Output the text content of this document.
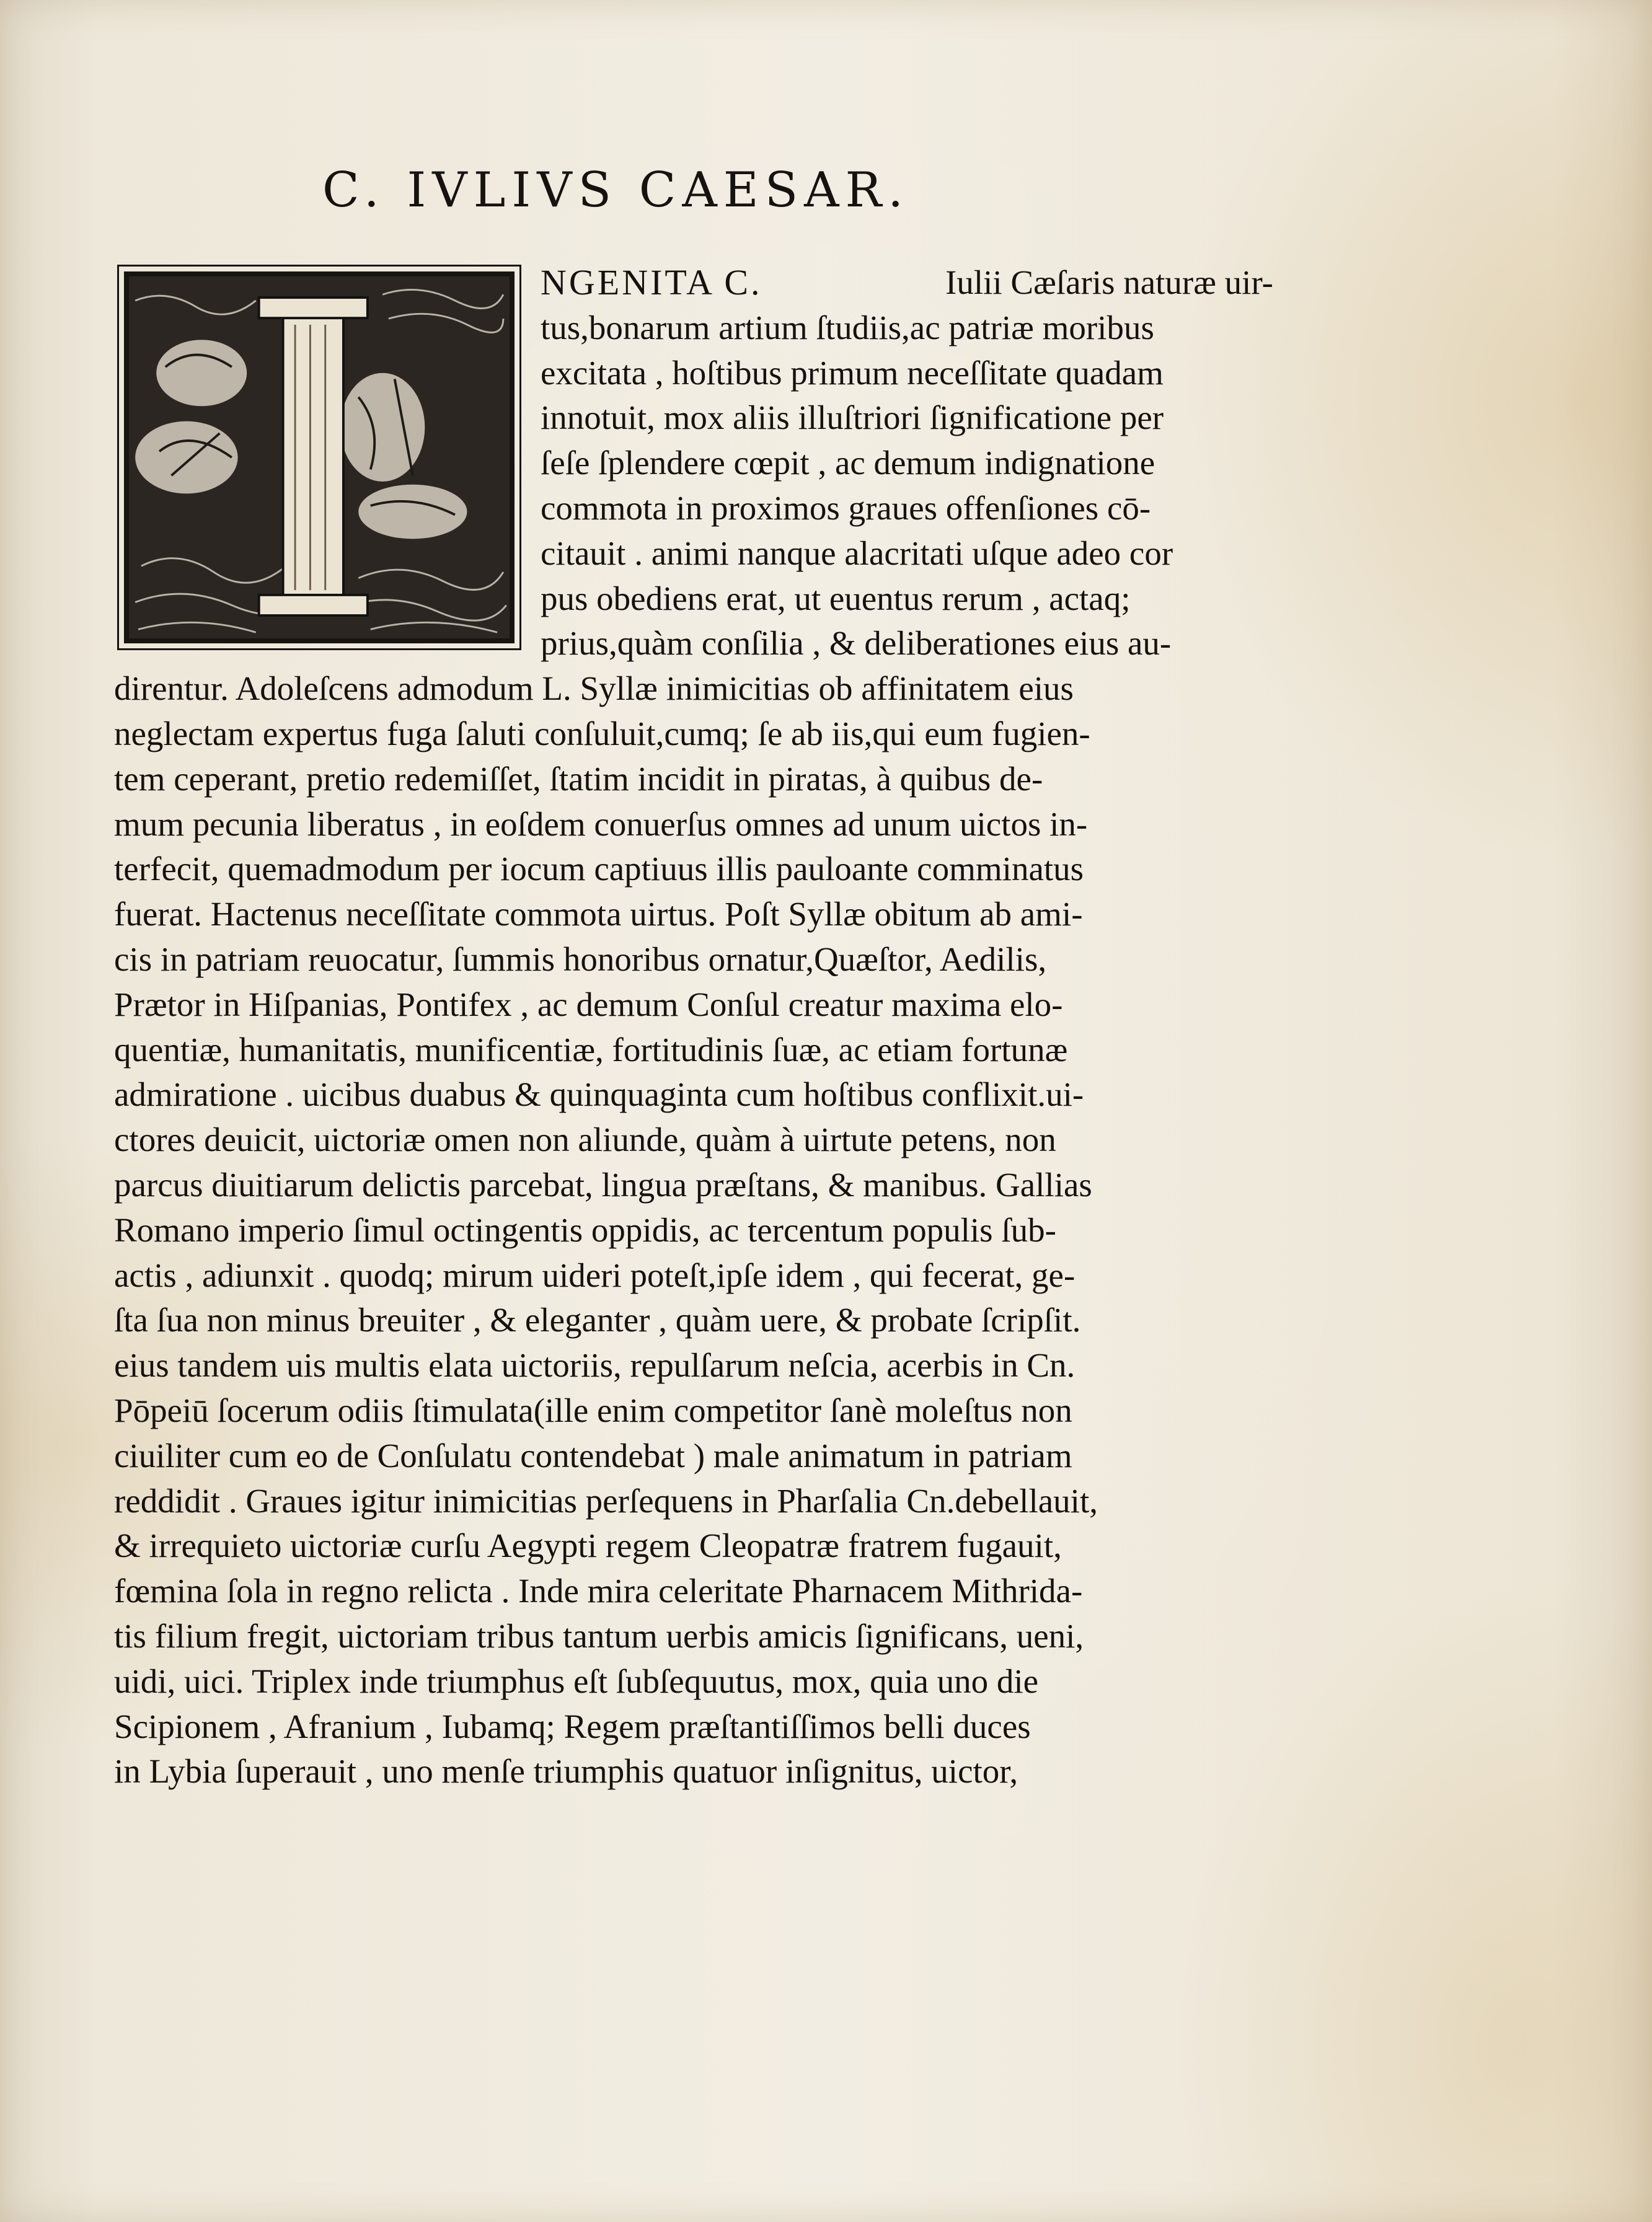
C. IVLIVS CAESAR.
NGENITA C.	Iulii Cæſaris naturæ uir-
tus,bonarum artium ſtudiis,ac patriæ moribus
excitata , hoſtibus primum neceſſitate quadam
innotuit, mox aliis illuſtriori ſignificatione per
ſeſe ſplendere cœpit , ac demum indignatione
commota in proximos graues offenſiones cō-
citauit . animi nanque alacritati uſque adeo cor
pus obediens erat, ut euentus rerum , actaq;
prius,quàm conſilia , & deliberationes eius au-
direntur. Adoleſcens admodum L. Syllæ inimicitias ob affinitatem eius
neglectam expertus fuga ſaluti conſuluit,cumq; ſe ab iis,qui eum fugien-
tem ceperant, pretio redemiſſet, ſtatim incidit in piratas, à quibus de-
mum pecunia liberatus , in eoſdem conuerſus omnes ad unum uictos in-
terfecit, quemadmodum per iocum captiuus illis pauloante comminatus
fuerat. Hactenus neceſſitate commota uirtus. Poſt Syllæ obitum ab ami-
cis in patriam reuocatur, ſummis honoribus ornatur,Quæſtor, Aedilis,
Prætor in Hiſpanias, Pontifex , ac demum Conſul creatur maxima elo-
quentiæ, humanitatis, munificentiæ, fortitudinis ſuæ, ac etiam fortunæ
admiratione . uicibus duabus & quinquaginta cum hoſtibus conflixit.ui-
ctores deuicit, uictoriæ omen non aliunde, quàm à uirtute petens, non
parcus diuitiarum delictis parcebat, lingua præſtans, & manibus. Gallias
Romano imperio ſimul octingentis oppidis, ac tercentum populis ſub-
actis , adiunxit . quodq; mirum uideri poteſt,ipſe idem , qui fecerat, ge-
ſta ſua non minus breuiter , & eleganter , quàm uere, & probate ſcripſit.
eius tandem uis multis elata uictoriis, repulſarum neſcia, acerbis in Cn.
Pōpeiū ſocerum odiis ſtimulata(ille enim competitor ſanè moleſtus non
ciuiliter cum eo de Conſulatu contendebat ) male animatum in patriam
reddidit . Graues igitur inimicitias perſequens in Pharſalia Cn.debellauit,
& irrequieto uictoriæ curſu Aegypti regem Cleopatræ fratrem fugauit,
fœmina ſola in regno relicta . Inde mira celeritate Pharnacem Mithrida-
tis filium fregit, uictoriam tribus tantum uerbis amicis ſignificans, ueni,
uidi, uici. Triplex inde triumphus eſt ſubſequutus, mox, quia uno die
Scipionem , Afranium , Iubamq; Regem præſtantiſſimos belli duces
in Lybia ſuperauit , uno menſe triumphis quatuor inſignitus, uictor,
